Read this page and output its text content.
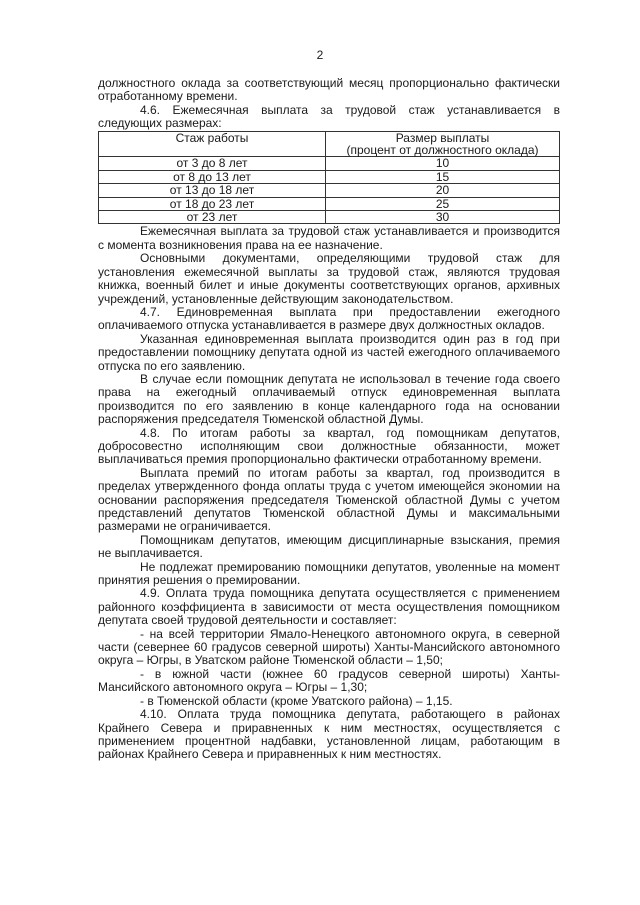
2

должностного оклада за соответствующий месяц пропорционально фактически отработанному времени.

4.6. Ежемесячная выплата за трудовой стаж устанавливается в следующих размерах:

Стаж работы	Размер выплаты
(процент от должностного оклада)

от 3 до 8 лет	10
от 8 до 13 лет	15
от 13 до 18 лет	20
от 18 до 23 лет	25
от 23 лет	30

Ежемесячная выплата за трудовой стаж устанавливается и производится с момента возникновения права на ее назначение.

Основными документами, определяющими трудовой стаж для установления ежемесячной выплаты за трудовой стаж, являются трудовая книжка, военный билет и иные документы соответствующих органов, архивных учреждений, установленные действующим законодательством.

4.7. Единовременная выплата при предоставлении ежегодного оплачиваемого отпуска устанавливается в размере двух должностных окладов.

Указанная единовременная выплата производится один раз в год при предоставлении помощнику депутата одной из частей ежегодного оплачиваемого отпуска по его заявлению.

В случае если помощник депутата не использовал в течение года своего права на ежегодный оплачиваемый отпуск единовременная выплата производится по его заявлению в конце календарного года на основании распоряжения председателя Тюменской областной Думы.

4.8. По итогам работы за квартал, год помощникам депутатов, добросовестно исполняющим свои должностные обязанности, может выплачиваться премия пропорционально фактически отработанному времени.

Выплата премий по итогам работы за квартал, год производится в пределах утвержденного фонда оплаты труда с учетом имеющейся экономии на основании распоряжения председателя Тюменской областной Думы с учетом представлений депутатов Тюменской областной Думы и максимальными размерами не ограничивается.

Помощникам депутатов, имеющим дисциплинарные взыскания, премия не выплачивается.

Не подлежат премированию помощники депутатов, уволенные на момент принятия решения о премировании.

4.9. Оплата труда помощника депутата осуществляется с применением районного коэффициента в зависимости от места осуществления помощником депутата своей трудовой деятельности и составляет:

- на всей территории Ямало-Ненецкого автономного округа, в северной части (севернее 60 градусов северной широты) Ханты-Мансийского автономного округа – Югры, в Уватском районе Тюменской области – 1,50;

- в южной части (южнее 60 градусов северной широты) Ханты-Мансийского автономного округа – Югры – 1,30;

- в Тюменской области (кроме Уватского района) – 1,15.

4.10. Оплата труда помощника депутата, работающего в районах Крайнего Севера и приравненных к ним местностях, осуществляется с применением процентной надбавки, установленной лицам, работающим в районах Крайнего Севера и приравненных к ним местностях.
